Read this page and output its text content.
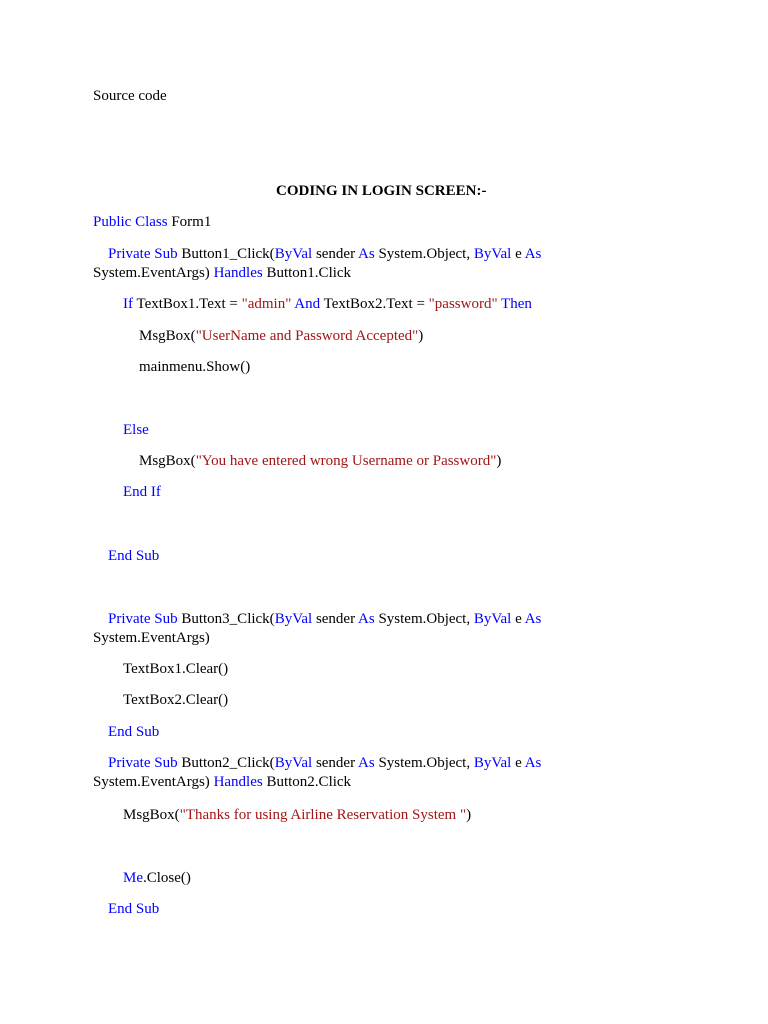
Source code
CODING IN LOGIN SCREEN:-
Public Class Form1
Private Sub Button1_Click(ByVal sender As System.Object, ByVal e As
System.EventArgs) Handles Button1.Click
If TextBox1.Text = "admin" And TextBox2.Text = "password" Then
MsgBox("UserName and Password Accepted")
mainmenu.Show()
Else
MsgBox("You have entered wrong Username or Password")
End If
End Sub
Private Sub Button3_Click(ByVal sender As System.Object, ByVal e As
System.EventArgs)
TextBox1.Clear()
TextBox2.Clear()
End Sub
Private Sub Button2_Click(ByVal sender As System.Object, ByVal e As
System.EventArgs) Handles Button2.Click
MsgBox("Thanks for using Airline Reservation System ")
Me.Close()
End Sub
